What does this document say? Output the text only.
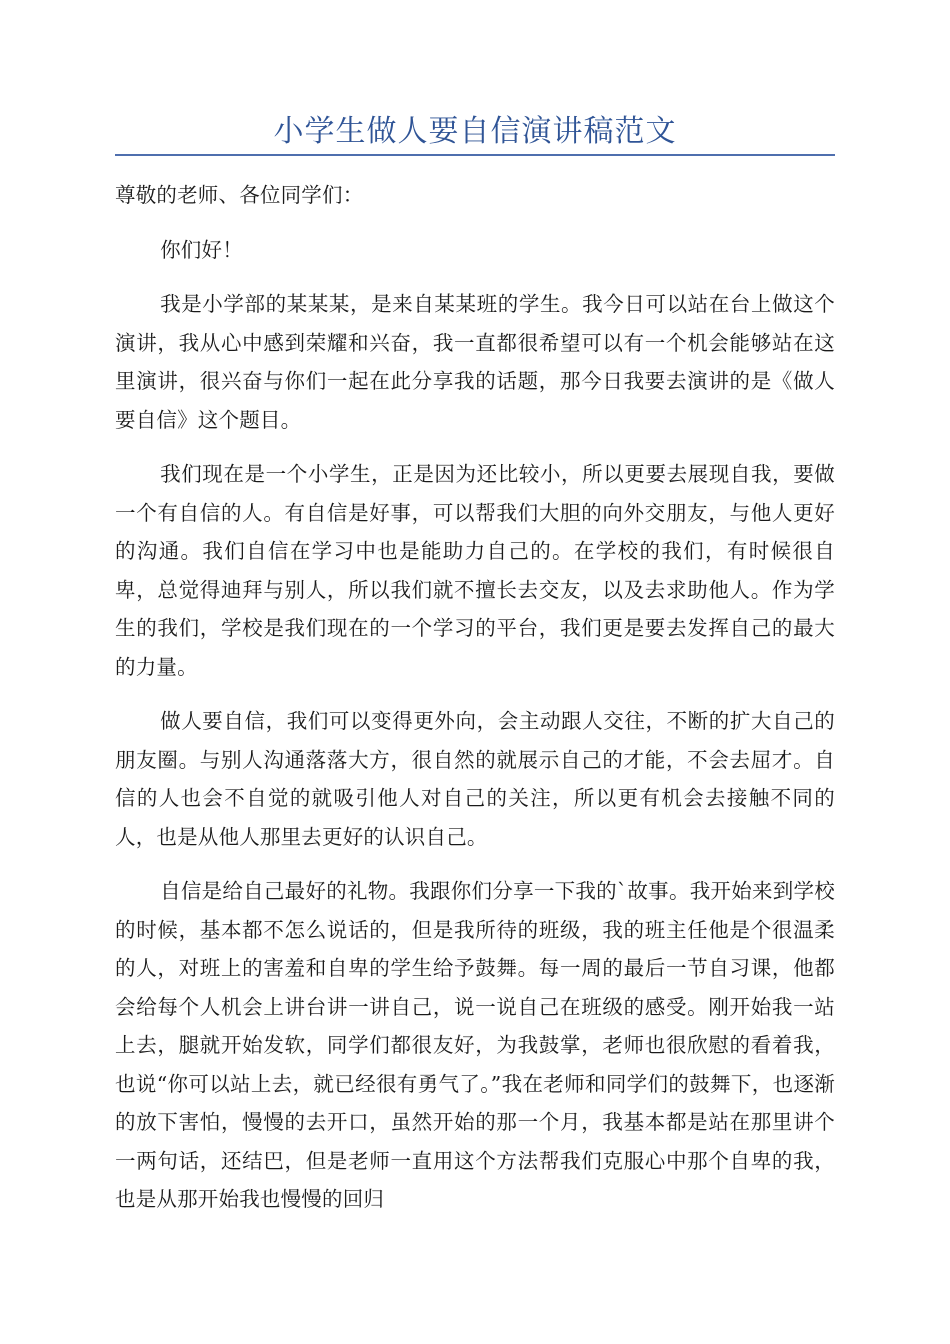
小学生做人要自信演讲稿范文

尊敬的老师、各位同学们：

你们好！

我是小学部的某某某，是来自某某班的学生。我今日可以站在台上做这个演讲，我从心中感到荣耀和兴奋，我一直都很希望可以有一个机会能够站在这里演讲，很兴奋与你们一起在此分享我的话题，那今日我要去演讲的是《做人要自信》这个题目。

我们现在是一个小学生，正是因为还比较小，所以更要去展现自我，要做一个有自信的人。有自信是好事，可以帮我们大胆的向外交朋友，与他人更好的沟通。我们自信在学习中也是能助力自己的。在学校的我们，有时候很自卑，总觉得迪拜与别人，所以我们就不擅长去交友，以及去求助他人。作为学生的我们，学校是我们现在的一个学习的平台，我们更是要去发挥自己的最大的力量。

做人要自信，我们可以变得更外向，会主动跟人交往，不断的扩大自己的朋友圈。与别人沟通落落大方，很自然的就展示自己的才能，不会去屈才。自信的人也会不自觉的就吸引他人对自己的关注，所以更有机会去接触不同的人，也是从他人那里去更好的认识自己。

自信是给自己最好的礼物。我跟你们分享一下我的`故事。我开始来到学校的时候，基本都不怎么说话的，但是我所待的班级，我的班主任他是个很温柔的人，对班上的害羞和自卑的学生给予鼓舞。每一周的最后一节自习课，他都会给每个人机会上讲台讲一讲自己，说一说自己在班级的感受。刚开始我一站上去，腿就开始发软，同学们都很友好，为我鼓掌，老师也很欣慰的看着我，也说“你可以站上去，就已经很有勇气了。”我在老师和同学们的鼓舞下，也逐渐的放下害怕，慢慢的去开口，虽然开始的那一个月，我基本都是站在那里讲个一两句话，还结巴，但是老师一直用这个方法帮我们克服心中那个自卑的我，也是从那开始我也慢慢的回归
